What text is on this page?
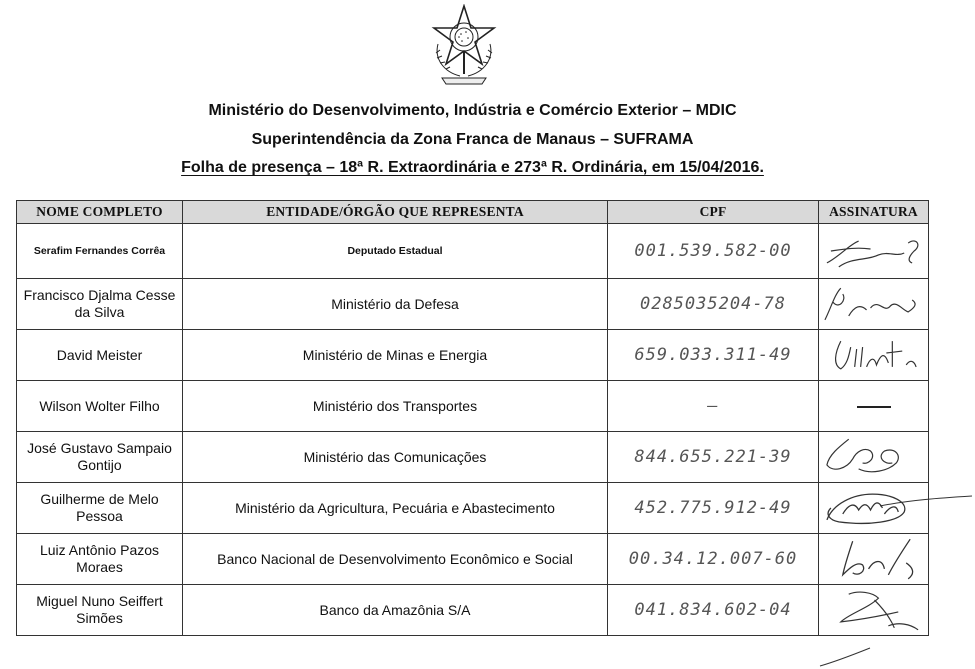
Ministério do Desenvolvimento, Indústria e Comércio Exterior – MDIC
Superintendência da Zona Franca de Manaus – SUFRAMA
Folha de presença – 18ª R. Extraordinária e 273ª R. Ordinária, em 15/04/2016.
NOME COMPLETO	ENTIDADE/ÓRGÃO QUE REPRESENTA	CPF	ASSINATURA
Serafim Fernandes Corrêa	Deputado Estadual	001.539.582-00	

Francisco Djalma Cesse da Silva	Ministério da Defesa	0285035204-78	

David Meister	Ministério de Minas e Energia	659.033.311-49	

Wilson Wolter Filho	Ministério dos Transportes	—	
José Gustavo Sampaio Gontijo	Ministério das Comunicações	844.655.221-39	

Guilherme de Melo Pessoa	Ministério da Agricultura, Pecuária e Abastecimento	452.775.912-49	

Luiz Antônio Pazos Moraes	Banco Nacional de Desenvolvimento Econômico e Social	00.34.12.007-60	

Miguel Nuno Seiffert Simões	Banco da Amazônia S/A	041.834.602-04	
